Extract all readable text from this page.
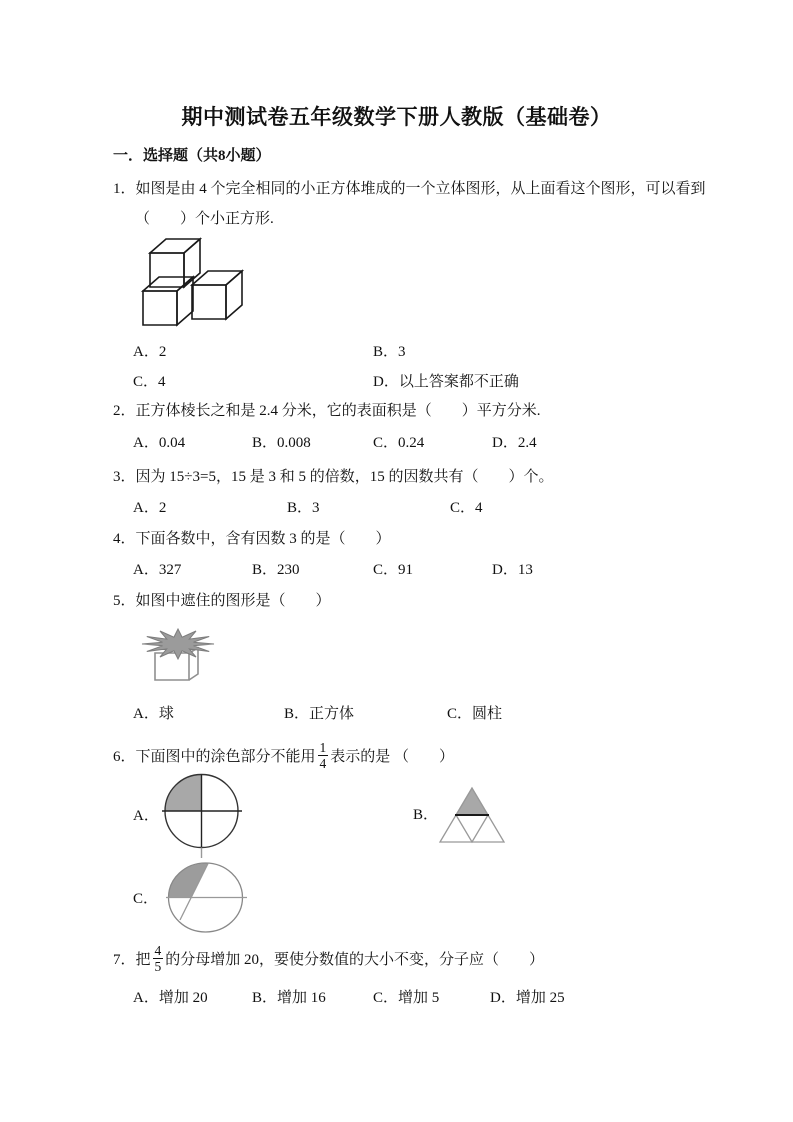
期中测试卷五年级数学下册人教版（基础卷）
一．选择题（共8小题）
1．如图是由 4 个完全相同的小正方体堆成的一个立体图形，从上面看这个图形，可以看到
（　　）个小正方形.
A．2	B．3
C．4	D．以上答案都不正确
2．正方体棱长之和是 2.4 分米，它的表面积是（　　）平方分米.
A．0.04	B．0.008	C．0.24	D．2.4
3．因为 15÷3=5，15 是 3 和 5 的倍数，15 的因数共有（　　）个。
A．2	B．3	C．4
4．下面各数中，含有因数 3 的是（　　）
A．327	B．230	C．91	D．13
5．如图中遮住的图形是（　　）
A．球	B．正方体	C．圆柱
6．下面图中的涂色部分不能用 $\frac{1}{4}$ 表示的是 （　　）
A．	B．
C．
7．把 $\frac{4}{5}$ 的分母增加 20，要使分数值的大小不变，分子应（　　）
A．增加 20	B．增加 16	C．增加 5	D．增加 25
